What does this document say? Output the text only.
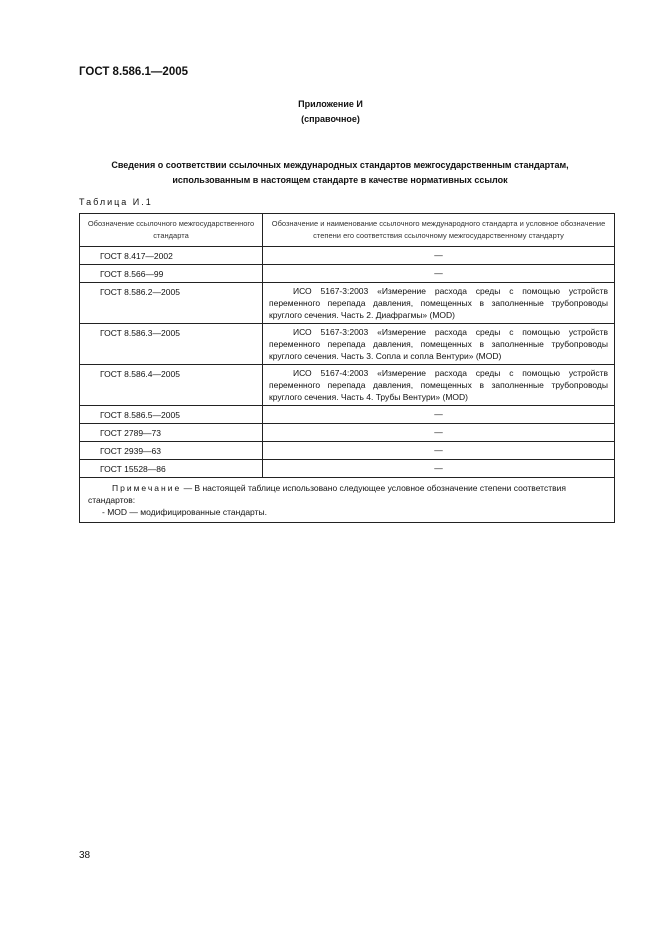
ГОСТ 8.586.1—2005
Приложение И
(справочное)
Сведения о соответствии ссылочных международных стандартов межгосударственным стандартам,
использованным в настоящем стандарте в качестве нормативных ссылок
Таблица И.1
Обозначение ссылочного межгосударственного стандарта	Обозначение и наименование ссылочного международного стандарта и условное обозначение степени его соответствия ссылочному межгосударственному стандарту
ГОСТ 8.417—2002	—
ГОСТ 8.566—99	—
ГОСТ 8.586.2—2005	ИСО 5167-3:2003 «Измерение расхода среды с помощью устройств переменного перепада давления, помещенных в заполненные трубопроводы круглого сечения. Часть 2. Диафрагмы» (MOD)
ГОСТ 8.586.3—2005	ИСО 5167-3:2003 «Измерение расхода среды с помощью устройств переменного перепада давления, помещенных в заполненные трубопроводы круглого сечения. Часть 3. Сопла и сопла Вентури» (MOD)
ГОСТ 8.586.4—2005	ИСО 5167-4:2003 «Измерение расхода среды с помощью устройств переменного перепада давления, помещенных в заполненные трубопроводы круглого сечения. Часть 4. Трубы Вентури» (MOD)
ГОСТ 8.586.5—2005	—
ГОСТ 2789—73	—
ГОСТ 2939—63	—
ГОСТ 15528—86	—

Примечание — В настоящей таблице использовано следующее условное обозначение степени соответствия стандартов:
- MOD — модифицированные стандарты.	
38
